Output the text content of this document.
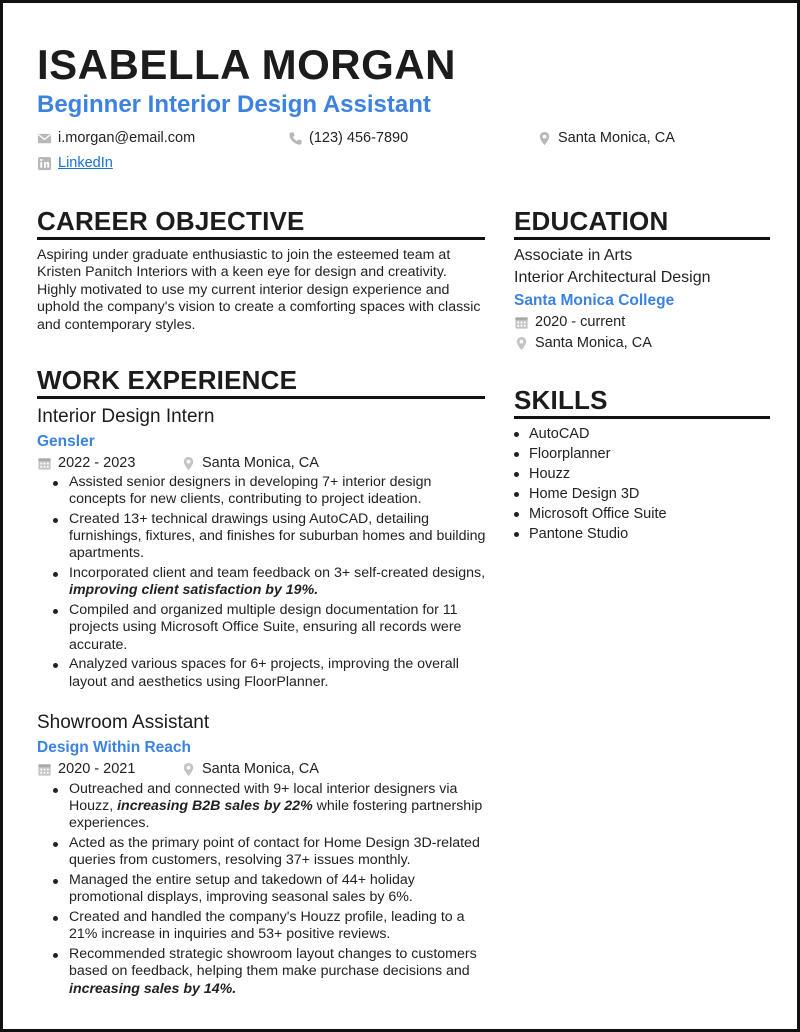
ISABELLA MORGAN
Beginner Interior Design Assistant
i.morgan@email.com	(123) 456-7890	Santa Monica, CA
LinkedIn
CAREER OBJECTIVE
Aspiring under graduate enthusiastic to join the esteemed team at Kristen Panitch Interiors with a keen eye for design and creativity. Highly motivated to use my current interior design experience and uphold the company's vision to create a comforting spaces with classic and contemporary styles.
WORK EXPERIENCE
Interior Design Intern
Gensler
2022 - 2023	Santa Monica, CA
Assisted senior designers in developing 7+ interior design concepts for new clients, contributing to project ideation.
Created 13+ technical drawings using AutoCAD, detailing furnishings, fixtures, and finishes for suburban homes and building apartments.
Incorporated client and team feedback on 3+ self-created designs, improving client satisfaction by 19%.
Compiled and organized multiple design documentation for 11 projects using Microsoft Office Suite, ensuring all records were accurate.
Analyzed various spaces for 6+ projects, improving the overall layout and aesthetics using FloorPlanner.
Showroom Assistant
Design Within Reach
2020 - 2021	Santa Monica, CA
Outreached and connected with 9+ local interior designers via Houzz, increasing B2B sales by 22% while fostering partnership experiences.
Acted as the primary point of contact for Home Design 3D-related queries from customers, resolving 37+ issues monthly.
Managed the entire setup and takedown of 44+ holiday promotional displays, improving seasonal sales by 6%.
Created and handled the company's Houzz profile, leading to a 21% increase in inquiries and 53+ positive reviews.
Recommended strategic showroom layout changes to customers based on feedback, helping them make purchase decisions and increasing sales by 14%.
EDUCATION
Associate in Arts
Interior Architectural Design
Santa Monica College
2020 - current
Santa Monica, CA
SKILLS
AutoCAD
Floorplanner
Houzz
Home Design 3D
Microsoft Office Suite
Pantone Studio
